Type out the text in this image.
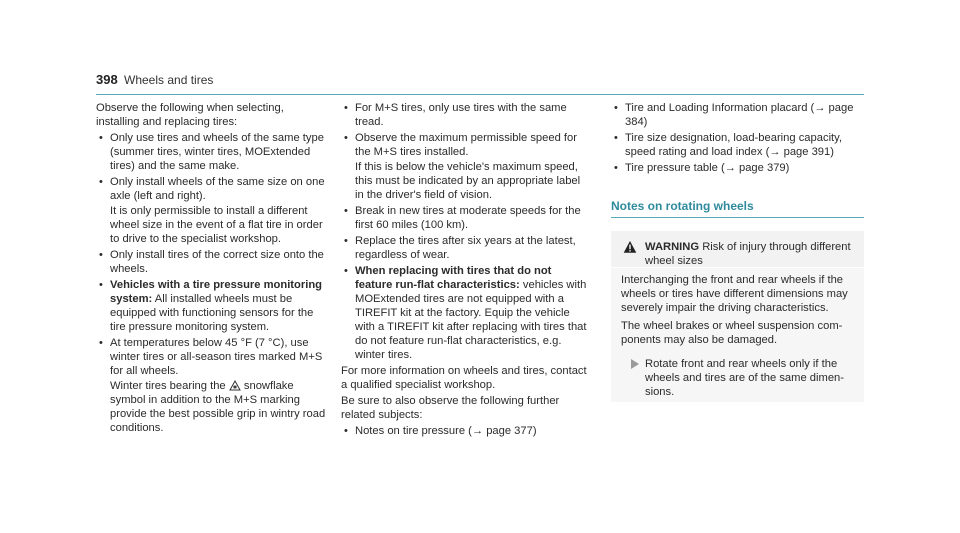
398 Wheels and tires

Observe the following when selecting, installing and replacing tires:

• Only use tires and wheels of the same type (summer tires, winter tires, MOExtended tires) and the same make.
• Only install wheels of the same size on one axle (left and right).
It is only permissible to install a different wheel size in the event of a flat tire in order to drive to the specialist workshop.
• Only install tires of the correct size onto the wheels.
• Vehicles with a tire pressure monitoring system: All installed wheels must be equipped with functioning sensors for the tire pressure monitoring system.
• At temperatures below 45 °F (7 °C), use winter tires or all-season tires marked M+S for all wheels.
Winter tires bearing the snowflake symbol in addition to the M+S marking provide the best possible grip in wintry road conditions.
• For M+S tires, only use tires with the same tread.
• Observe the maximum permissible speed for the M+S tires installed.
If this is below the vehicle's maximum speed, this must be indicated by an appropriate label in the driver's field of vision.
• Break in new tires at moderate speeds for the first 60 miles (100 km).
• Replace the tires after six years at the latest, regardless of wear.
• When replacing with tires that do not feature run-flat characteristics: vehicles with MOExtended tires are not equipped with a TIREFIT kit at the factory. Equip the vehicle with a TIREFIT kit after replacing with tires that do not feature run-flat characteristics, e.g. winter tires.

For more information on wheels and tires, contact a qualified specialist workshop.

Be sure to also observe the following further related subjects:

• Notes on tire pressure (→ page 377)
• Tire and Loading Information placard (→ page 384)
• Tire size designation, load-bearing capacity, speed rating and load index (→ page 391)
• Tire pressure table (→ page 379)
Notes on rotating wheels
WARNING Risk of injury through different wheel sizes

Interchanging the front and rear wheels if the wheels or tires have different dimensions may severely impair the driving characteristics.

The wheel brakes or wheel suspension components may also be damaged.

Rotate front and rear wheels only if the wheels and tires are of the same dimensions.
